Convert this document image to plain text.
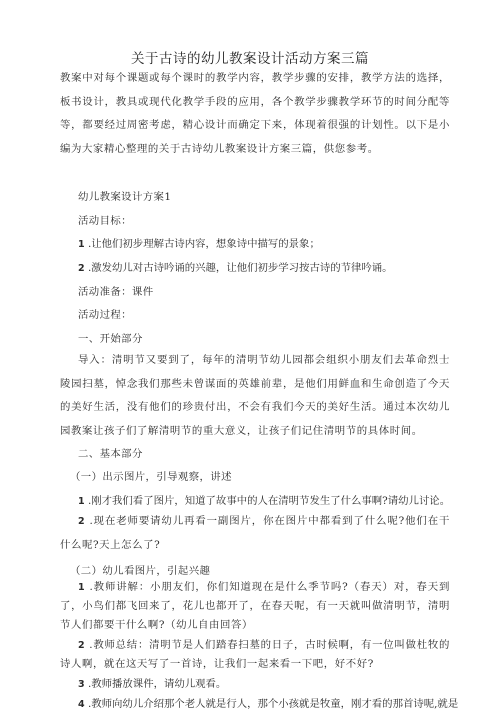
关于古诗的幼儿教案设计活动方案三篇

教案中对每个课题或每个课时的教学内容，教学步骤的安排，教学方法的选择，板书设计，教具或现代化教学手段的应用，各个教学步骤教学环节的时间分配等等，都要经过周密考虑，精心设计而确定下来，体现着很强的计划性。以下是小编为大家精心整理的关于古诗幼儿教案设计方案三篇，供您参考。

幼儿教案设计方案1

活动目标：

1 .让他们初步理解古诗内容，想象诗中描写的景象；

2 .激发幼儿对古诗吟诵的兴趣，让他们初步学习按古诗的节律吟诵。

活动准备：课件

活动过程：

一、开始部分

导入：清明节又要到了，每年的清明节幼儿园都会组织小朋友们去革命烈士陵园扫墓，悼念我们那些未曾谋面的英雄前辈，是他们用鲜血和生命创造了今天的美好生活，没有他们的珍贵付出，不会有我们今天的美好生活。通过本次幼儿园教案让孩子们了解清明节的重大意义，让孩子们记住清明节的具体时间。

二、基本部分

（一）出示图片，引导观察，讲述

1 .刚才我们看了图片，知道了故事中的人在清明节发生了什么事啊?请幼儿讨论。

2 .现在老师要请幼儿再看一副图片，你在图片中都看到了什么呢?他们在干什么呢?天上怎么了?

（二）幼儿看图片，引起兴趣

1 .教师讲解：小朋友们，你们知道现在是什么季节吗?（春天）对，春天到了，小鸟们都飞回来了，花儿也都开了，在春天呢，有一天就叫做清明节，清明节人们都要干什么啊?（幼儿自由回答）

2 .教师总结：清明节是人们踏春扫墓的日子，古时候啊，有一位叫做杜牧的诗人啊，就在这天写了一首诗，让我们一起来看一下吧，好不好?

3 .教师播放课件，请幼儿观看。

4 .教师向幼儿介绍那个老人就是行人，那个小孩就是牧童，刚才看的那首诗呢,就是
